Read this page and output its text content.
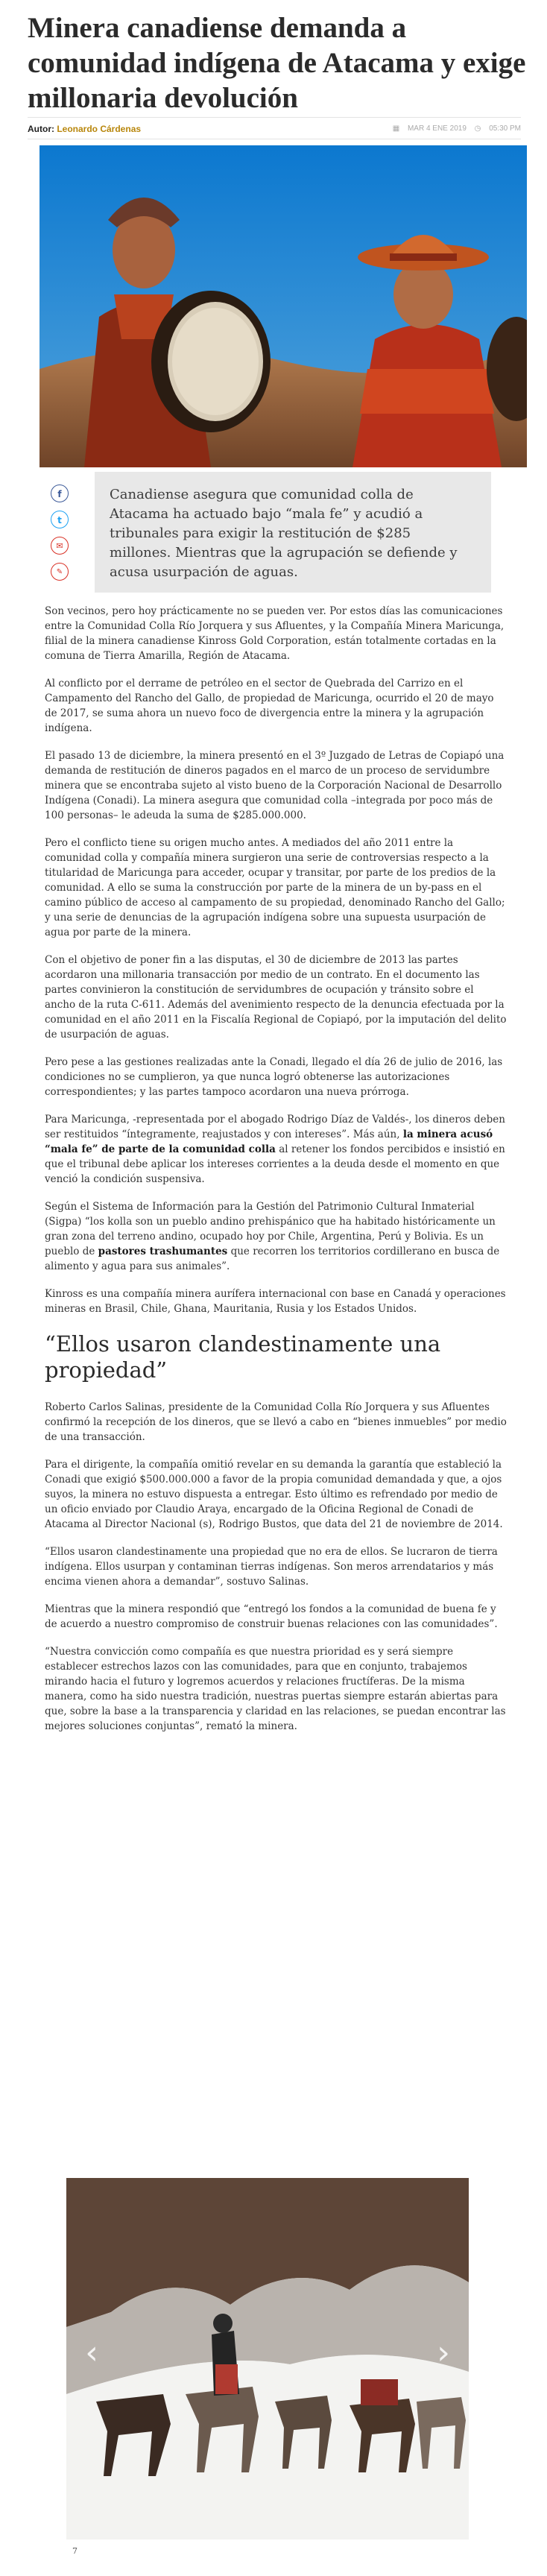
Minera canadiense demanda a comunidad indígena de Atacama y exige millonaria devolución
Autor: Leonardo Cárdenas	▦ MAR 4 ENE 2019 ◷ 05:30 PM
f
t
✉
✎

Canadiense asegura que comunidad colla de Atacama ha actuado bajo “mala fe” y acudió a tribunales para exigir la restitución de $285 millones. Mientras que la agrupación se defiende y acusa usurpación de aguas.

Son vecinos, pero hoy prácticamente no se pueden ver. Por estos días las comunicaciones entre la Comunidad Colla Río Jorquera y sus Afluentes, y la Compañía Minera Maricunga, filial de la minera canadiense Kinross Gold Corporation, están totalmente cortadas en la comuna de Tierra Amarilla, Región de Atacama.

Al conflicto por el derrame de petróleo en el sector de Quebrada del Carrizo en el Campamento del Rancho del Gallo, de propiedad de Maricunga, ocurrido el 20 de mayo de 2017, se suma ahora un nuevo foco de divergencia entre la minera y la agrupación indígena.

El pasado 13 de diciembre, la minera presentó en el 3º Juzgado de Letras de Copiapó una demanda de restitución de dineros pagados en el marco de un proceso de servidumbre minera que se encontraba sujeto al visto bueno de la Corporación Nacional de Desarrollo Indígena (Conadi). La minera asegura que comunidad colla –integrada por poco más de 100 personas– le adeuda la suma de $285.000.000.

Pero el conflicto tiene su origen mucho antes. A mediados del año 2011 entre la comunidad colla y compañía minera surgieron una serie de controversias respecto a la titularidad de Maricunga para acceder, ocupar y transitar, por parte de los predios de la comunidad. A ello se suma la construcción por parte de la minera de un by-pass en el camino público de acceso al campamento de su propiedad, denominado Rancho del Gallo; y una serie de denuncias de la agrupación indígena sobre una supuesta usurpación de agua por parte de la minera.

Con el objetivo de poner fin a las disputas, el 30 de diciembre de 2013 las partes acordaron una millonaria transacción por medio de un contrato. En el documento las partes convinieron la constitución de servidumbres de ocupación y tránsito sobre el ancho de la ruta C-611. Además del avenimiento respecto de la denuncia efectuada por la comunidad en el año 2011 en la Fiscalía Regional de Copiapó, por la imputación del delito de usurpación de aguas.

Pero pese a las gestiones realizadas ante la Conadi, llegado el día 26 de julio de 2016, las condiciones no se cumplieron, ya que nunca logró obtenerse las autorizaciones correspondientes; y las partes tampoco acordaron una nueva prórroga.

Para Maricunga, -representada por el abogado Rodrigo Díaz de Valdés-, los dineros deben ser restituidos “íntegramente, reajustados y con intereses”. Más aún, la minera acusó “mala fe” de parte de la comunidad colla al retener los fondos percibidos e insistió en que el tribunal debe aplicar los intereses corrientes a la deuda desde el momento en que venció la condición suspensiva.

Según el Sistema de Información para la Gestión del Patrimonio Cultural Inmaterial (Sigpa) “los kolla son un pueblo andino prehispánico que ha habitado históricamente un gran zona del terreno andino, ocupado hoy por Chile, Argentina, Perú y Bolivia. Es un pueblo de pastores trashumantes que recorren los territorios cordillerano en busca de alimento y agua para sus animales”.

Kinross es una compañía minera aurífera internacional con base en Canadá y operaciones mineras en Brasil, Chile, Ghana, Mauritania, Rusia y los Estados Unidos.

“Ellos usaron clandestinamente una propiedad”

Roberto Carlos Salinas, presidente de la Comunidad Colla Río Jorquera y sus Afluentes confirmó la recepción de los dineros, que se llevó a cabo en “bienes inmuebles” por medio de una transacción.

Para el dirigente, la compañía omitió revelar en su demanda la garantía que estableció la Conadi que exigió $500.000.000 a favor de la propia comunidad demandada y que, a ojos suyos, la minera no estuvo dispuesta a entregar. Esto último es refrendado por medio de un oficio enviado por Claudio Araya, encargado de la Oficina Regional de Conadi de Atacama al Director Nacional (s), Rodrigo Bustos, que data del 21 de noviembre de 2014.

“Ellos usaron clandestinamente una propiedad que no era de ellos. Se lucraron de tierra indígena. Ellos usurpan y contaminan tierras indígenas. Son meros arrendatarios y más encima vienen ahora a demandar”, sostuvo Salinas.

Mientras que la minera respondió que “entregó los fondos a la comunidad de buena fe y de acuerdo a nuestro compromiso de construir buenas relaciones con las comunidades”.

“Nuestra convicción como compañía es que nuestra prioridad es y será siempre establecer estrechos lazos con las comunidades, para que en conjunto, trabajemos mirando hacia el futuro y logremos acuerdos y relaciones fructíferas. De la misma manera, como ha sido nuestra tradición, nuestras puertas siempre estarán abiertas para que, sobre la base a la transparencia y claridad en las relaciones, se puedan encontrar las mejores soluciones conjuntas”, remató la minera.

‹	›
7
